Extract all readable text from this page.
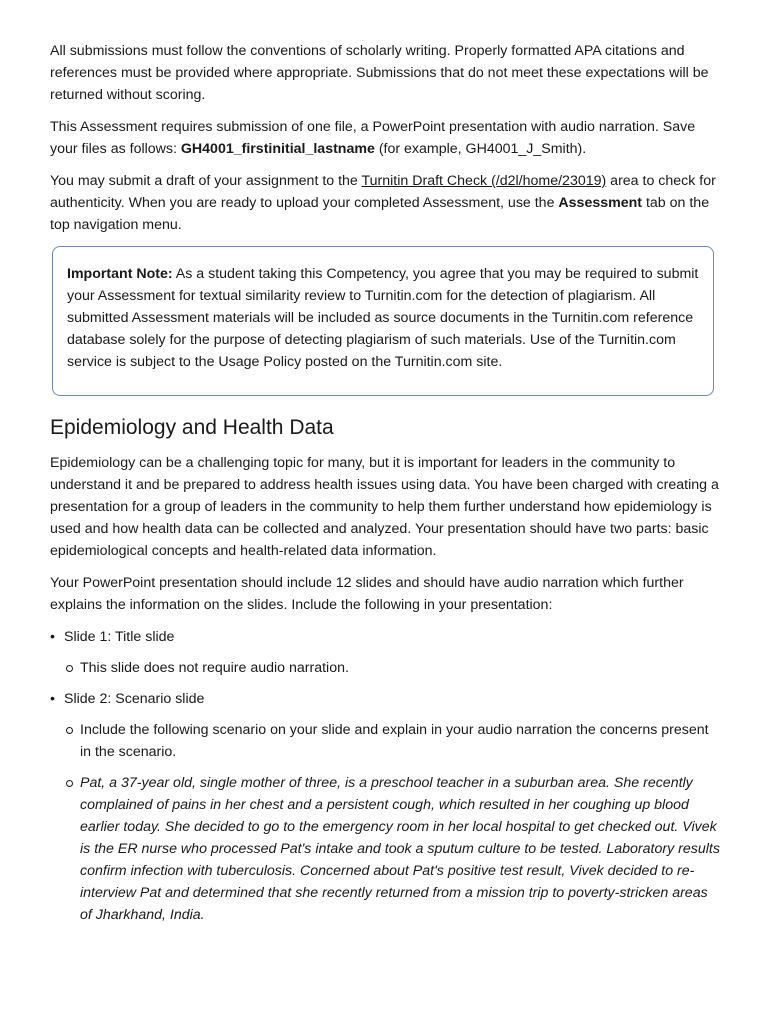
All submissions must follow the conventions of scholarly writing. Properly formatted APA citations and references must be provided where appropriate. Submissions that do not meet these expectations will be returned without scoring.

This Assessment requires submission of one file, a PowerPoint presentation with audio narration. Save your files as follows: GH4001_firstinitial_lastname (for example, GH4001_J_Smith).

You may submit a draft of your assignment to the Turnitin Draft Check (/d2l/home/23019) area to check for authenticity. When you are ready to upload your completed Assessment, use the Assessment tab on the top navigation menu.

Important Note: As a student taking this Competency, you agree that you may be required to submit your Assessment for textual similarity review to Turnitin.com for the detection of plagiarism. All submitted Assessment materials will be included as source documents in the Turnitin.com reference database solely for the purpose of detecting plagiarism of such materials. Use of the Turnitin.com service is subject to the Usage Policy posted on the Turnitin.com site.

Epidemiology and Health Data

Epidemiology can be a challenging topic for many, but it is important for leaders in the community to understand it and be prepared to address health issues using data. You have been charged with creating a presentation for a group of leaders in the community to help them further understand how epidemiology is used and how health data can be collected and analyzed. Your presentation should have two parts: basic epidemiological concepts and health-related data information.

Your PowerPoint presentation should include 12 slides and should have audio narration which further explains the information on the slides. Include the following in your presentation:

• Slide 1: Title slide
This slide does not require audio narration.
• Slide 2: Scenario slide
Include the following scenario on your slide and explain in your audio narration the concerns present in the scenario.
Pat, a 37-year old, single mother of three, is a preschool teacher in a suburban area. She recently complained of pains in her chest and a persistent cough, which resulted in her coughing up blood earlier today. She decided to go to the emergency room in her local hospital to get checked out. Vivek is the ER nurse who processed Pat's intake and took a sputum culture to be tested. Laboratory results confirm infection with tuberculosis. Concerned about Pat's positive test result, Vivek decided to re-interview Pat and determined that she recently returned from a mission trip to poverty-stricken areas of Jharkhand, India.
